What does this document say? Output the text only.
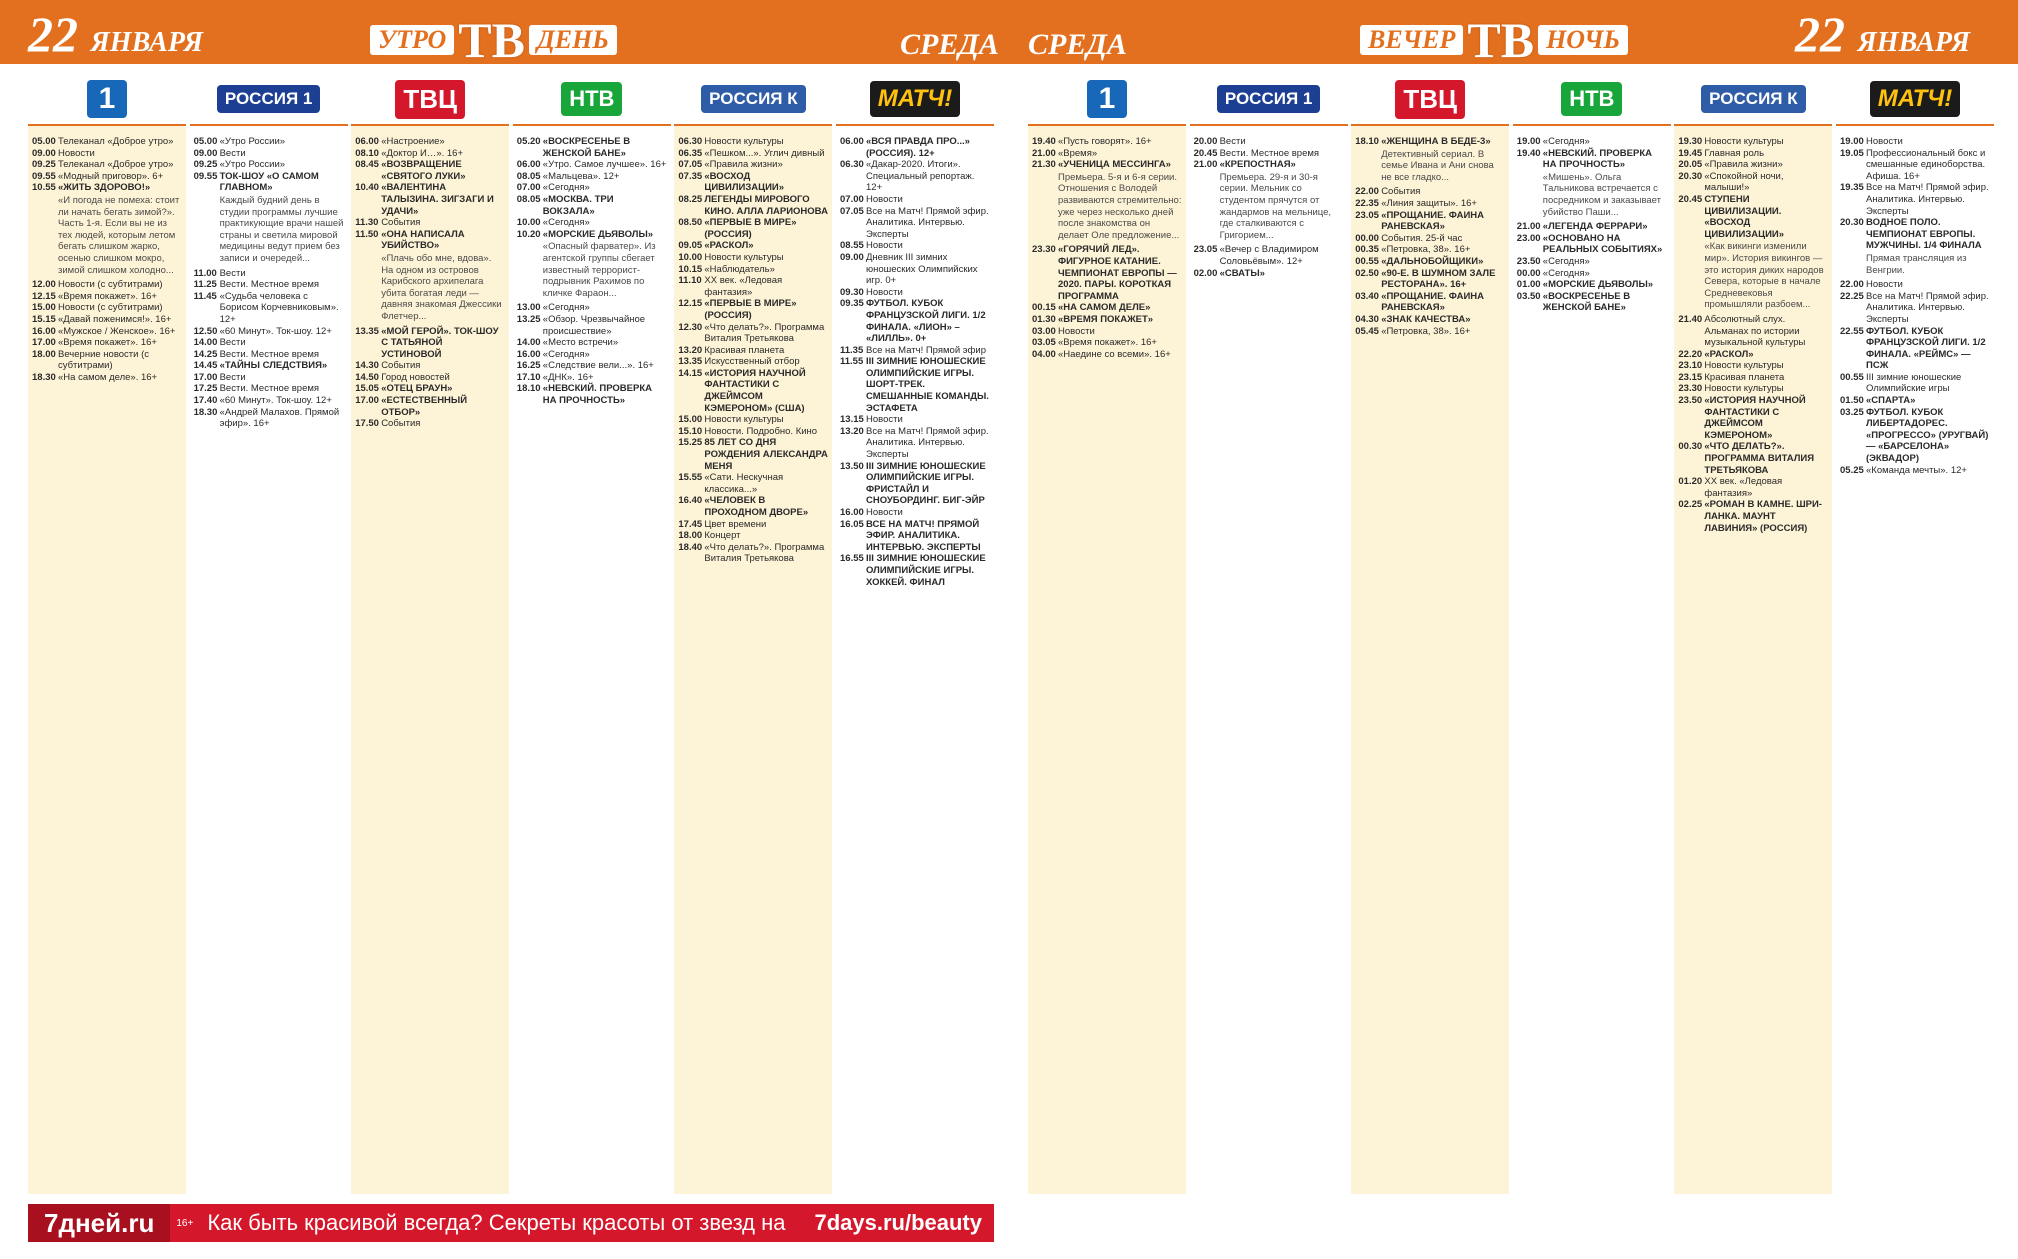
22 ЯНВАРЯ	УТРО ТВ ДЕНЬ	СРЕДА СРЕДА	ВЕЧЕР ТВ НОЧЬ	22 ЯНВАРЯ
1
05.00 Телеканал «Доброе утро»
09.00 Новости
09.25 Телеканал «Доброе утро»
09.55 «Модный приговор». 6+
10.55 «ЖИТЬ ЗДОРОВО!»
«И погода не помеха: стоит ли начать бегать зимой?». Часть 1-я. Если вы не из тех людей, которым летом бегать слишком жарко, осенью слишком мокро, зимой слишком холодно...
12.00 Новости (с субтитрами)
12.15 «Время покажет». 16+
15.00 Новости (с субтитрами)
15.15 «Давай поженимся!». 16+
16.00 «Мужское / Женское». 16+
17.00 «Время покажет». 16+
18.00 Вечерние новости (с субтитрами)
18.30 «На самом деле». 16+
РОССИЯ 1
05.00 «Утро России»
09.00 Вести
09.25 «Утро России»
09.55 ТОК-ШОУ «О САМОМ ГЛАВНОМ»
Каждый будний день в студии программы лучшие практикующие врачи нашей страны и светила мировой медицины ведут прием без записи и очередей...
11.00 Вести
11.25 Вести. Местное время
11.45 «Судьба человека с Борисом Корчевниковым». 12+
12.50 «60 Минут». Ток-шоу. 12+
14.00 Вести
14.25 Вести. Местное время
14.45 «ТАЙНЫ СЛЕДСТВИЯ»
17.00 Вести
17.25 Вести. Местное время
17.40 «60 Минут». Ток-шоу. 12+
18.30 «Андрей Малахов. Прямой эфир». 16+
ТВЦ
06.00 «Настроение»
08.10 «Доктор И…». 16+
08.45 «ВОЗВРАЩЕНИЕ «СВЯТОГО ЛУКИ»
10.40 «ВАЛЕНТИНА ТАЛЫЗИНА. ЗИГЗАГИ И УДАЧИ»
11.30 События
11.50 «ОНА НАПИСАЛА УБИЙСТВО»
«Плачь обо мне, вдова». На одном из островов Карибского архипелага убита богатая леди — давняя знакомая Джессики Флетчер...
13.35 «МОЙ ГЕРОЙ». ТОК-ШОУ С ТАТЬЯНОЙ УСТИНОВОЙ
14.30 События
14.50 Город новостей
15.05 «ОТЕЦ БРАУН»
17.00 «ЕСТЕСТВЕННЫЙ ОТБОР»
17.50 События
НТВ
05.20 «ВОСКРЕСЕНЬЕ В ЖЕНСКОЙ БАНЕ»
06.00 «Утро. Самое лучшее». 16+
08.05 «Мальцева». 12+
07.00 «Сегодня»
08.05 «МОСКВА. ТРИ ВОКЗАЛА»
10.00 «Сегодня»
10.20 «МОРСКИЕ ДЬЯВОЛЫ»
«Опасный фарватер». Из агентской группы сбегает известный террорист-подрывник Рахимов по кличке Фараон...
13.00 «Сегодня»
13.25 «Обзор. Чрезвычайное происшествие»
14.00 «Место встречи»
16.00 «Сегодня»
16.25 «Следствие вели...». 16+
17.10 «ДНК». 16+
18.10 «НЕВСКИЙ. ПРОВЕРКА НА ПРОЧНОСТЬ»
РОССИЯ К
06.30 Новости культуры
06.35 «Пешком...». Углич дивный
07.05 «Правила жизни»
07.35 «ВОСХОД ЦИВИЛИЗАЦИИ»
08.25 ЛЕГЕНДЫ МИРОВОГО КИНО. АЛЛА ЛАРИОНОВА
08.50 «ПЕРВЫЕ В МИРЕ» (РОССИЯ)
09.05 «РАСКОЛ»
10.00 Новости культуры
10.15 «Наблюдатель»
11.10 ХХ век. «Ледовая фантазия»
12.15 «ПЕРВЫЕ В МИРЕ» (РОССИЯ)
12.30 «Что делать?». Программа Виталия Третьякова
13.20 Красивая планета
13.35 Искусственный отбор
14.15 «ИСТОРИЯ НАУЧНОЙ ФАНТАСТИКИ С ДЖЕЙМСОМ КЭМЕРОНОМ» (США)
15.00 Новости культуры
15.10 Новости. Подробно. Кино
15.25 85 ЛЕТ СО ДНЯ РОЖДЕНИЯ АЛЕКСАНДРА МЕНЯ
15.55 «Сати. Нескучная классика...»
16.40 «ЧЕЛОВЕК В ПРОХОДНОМ ДВОРЕ»
17.45 Цвет времени
18.00 Концерт
18.40 «Что делать?». Программа Виталия Третьякова
МАТЧ!
06.00 «ВСЯ ПРАВДА ПРО...» (РОССИЯ). 12+
06.30 «Дакар-2020. Итоги». Специальный репортаж. 12+
07.00 Новости
07.05 Все на Матч! Прямой эфир. Аналитика. Интервью. Эксперты
08.55 Новости
09.00 Дневник III зимних юношеских Олимпийских игр. 0+
09.30 Новости
09.35 ФУТБОЛ. КУБОК ФРАНЦУЗСКОЙ ЛИГИ. 1/2 ФИНАЛА. «ЛИОН» – «ЛИЛЛЬ». 0+
11.35 Все на Матч! Прямой эфир
11.55 III ЗИМНИЕ ЮНОШЕСКИЕ ОЛИМПИЙСКИЕ ИГРЫ. ШОРТ-ТРЕК. СМЕШАННЫЕ КОМАНДЫ. ЭСТАФЕТА
13.15 Новости
13.20 Все на Матч! Прямой эфир. Аналитика. Интервью. Эксперты
13.50 III ЗИМНИЕ ЮНОШЕСКИЕ ОЛИМПИЙСКИЕ ИГРЫ. ФРИСТАЙЛ И СНОУБОРДИНГ. БИГ-ЭЙР
16.00 Новости
16.05 ВСЕ НА МАТЧ! ПРЯМОЙ ЭФИР. АНАЛИТИКА. ИНТЕРВЬЮ. ЭКСПЕРТЫ
16.55 III ЗИМНИЕ ЮНОШЕСКИЕ ОЛИМПИЙСКИЕ ИГРЫ. ХОККЕЙ. ФИНАЛ
1
19.40 «Пусть говорят». 16+
21.00 «Время»
21.30 «УЧЕНИЦА МЕССИНГА»
Премьера. 5-я и 6-я серии. Отношения с Володей развиваются стремительно: уже через несколько дней после знакомства он делает Оле предложение...
23.30 «ГОРЯЧИЙ ЛЕД». ФИГУРНОЕ КАТАНИЕ. ЧЕМПИОНАТ ЕВРОПЫ — 2020. ПАРЫ. КОРОТКАЯ ПРОГРАММА
00.15 «НА САМОМ ДЕЛЕ»
01.30 «ВРЕМЯ ПОКАЖЕТ»
03.00 Новости
03.05 «Время покажет». 16+
04.00 «Наедине со всеми». 16+
РОССИЯ 1
20.00 Вести
20.45 Вести. Местное время
21.00 «КРЕПОСТНАЯ»
Премьера. 29-я и 30-я серии. Мельник со студентом прячутся от жандармов на мельнице, где сталкиваются с Григорием...
23.05 «Вечер с Владимиром Соловьёвым». 12+
02.00 «СВАТЫ»
ТВЦ
18.10 «ЖЕНЩИНА В БЕДЕ-3»
Детективный сериал. В семье Ивана и Ани снова не все гладко...
22.00 События
22.35 «Линия защиты». 16+
23.05 «ПРОЩАНИЕ. ФАИНА РАНЕВСКАЯ»
00.00 События. 25-й час
00.35 «Петровка, 38». 16+
00.55 «ДАЛЬНОБОЙЩИКИ»
02.50 «90-Е. В ШУМНОМ ЗАЛЕ РЕСТОРАНА». 16+
03.40 «ПРОЩАНИЕ. ФАИНА РАНЕВСКАЯ»
04.30 «ЗНАК КАЧЕСТВА»
05.45 «Петровка, 38». 16+
НТВ
19.00 «Сегодня»
19.40 «НЕВСКИЙ. ПРОВЕРКА НА ПРОЧНОСТЬ»
«Мишень». Ольга Тальникова встречается с посредником и заказывает убийство Паши...
21.00 «ЛЕГЕНДА ФЕРРАРИ»
23.00 «ОСНОВАНО НА РЕАЛЬНЫХ СОБЫТИЯХ»
23.50 «Сегодня»
00.00 «Сегодня»
01.00 «МОРСКИЕ ДЬЯВОЛЫ»
03.50 «ВОСКРЕСЕНЬЕ В ЖЕНСКОЙ БАНЕ»
РОССИЯ К
19.30 Новости культуры
19.45 Главная роль
20.05 «Правила жизни»
20.30 «Спокойной ночи, малыши!»
20.45 СТУПЕНИ ЦИВИЛИЗАЦИИ. «ВОСХОД ЦИВИЛИЗАЦИИ»
«Как викинги изменили мир». История викингов — это история диких народов Севера, которые в начале Средневековья промышляли разбоем...
21.40 Абсолютный слух. Альманах по истории музыкальной культуры
22.20 «РАСКОЛ»
23.10 Новости культуры
23.15 Красивая планета
23.30 Новости культуры
23.50 «ИСТОРИЯ НАУЧНОЙ ФАНТАСТИКИ С ДЖЕЙМСОМ КЭМЕРОНОМ»
00.30 «ЧТО ДЕЛАТЬ?». ПРОГРАММА ВИТАЛИЯ ТРЕТЬЯКОВА
01.20 ХХ век. «Ледовая фантазия»
02.25 «РОМАН В КАМНЕ. ШРИ-ЛАНКА. МАУНТ ЛАВИНИЯ» (РОССИЯ)
МАТЧ!
19.00 Новости
19.05 Профессиональный бокс и смешанные единоборства. Афиша. 16+
19.35 Все на Матч! Прямой эфир. Аналитика. Интервью. Эксперты
20.30 ВОДНОЕ ПОЛО. ЧЕМПИОНАТ ЕВРОПЫ. МУЖЧИНЫ. 1/4 ФИНАЛА
Прямая трансляция из Венгрии.
22.00 Новости
22.25 Все на Матч! Прямой эфир. Аналитика. Интервью. Эксперты
22.55 ФУТБОЛ. КУБОК ФРАНЦУЗСКОЙ ЛИГИ. 1/2 ФИНАЛА. «РЕЙМС» — ПСЖ
00.55 III зимние юношеские Олимпийские игры
01.50 «СПАРТА»
03.25 ФУТБОЛ. КУБОК ЛИБЕРТАДОРЕС. «ПРОГРЕССО» (УРУГВАЙ) — «БАРСЕЛОНА» (ЭКВАДОР)
05.25 «Команда мечты». 12+
7дней.ru	16+ Как быть красивой всегда? Секреты красоты от звезд на	7days.ru/beauty
